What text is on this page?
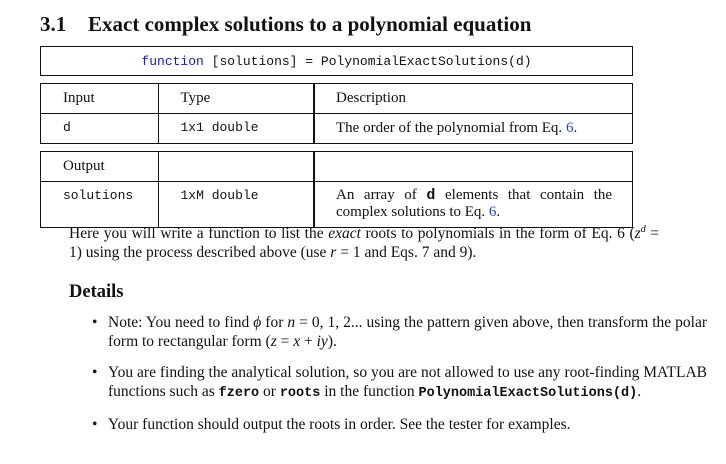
3.1 Exact complex solutions to a polynomial equation
function [solutions] = PolynomialExactSolutions(d)
Input	Type	Description
d	1x1 double	The order of the polynomial from Eq. 6.
Output
solutions	1xM double	An array of d elements that contain the complex solutions to Eq. 6.
Here you will write a function to list the exact roots to polynomials in the form of Eq. 6 $(z^d = 1)$ using the process described above (use r = 1 and Eqs. 7 and 9).
Details
• Note: You need to find ϕ for n = 0, 1, 2... using the pattern given above, then transform the polar form to rectangular form (z = x + iy).
• You are finding the analytical solution, so you are not allowed to use any root-finding MATLAB functions such as fzero or roots in the function PolynomialExactSolutions(d).
• Your function should output the roots in order. See the tester for examples.
